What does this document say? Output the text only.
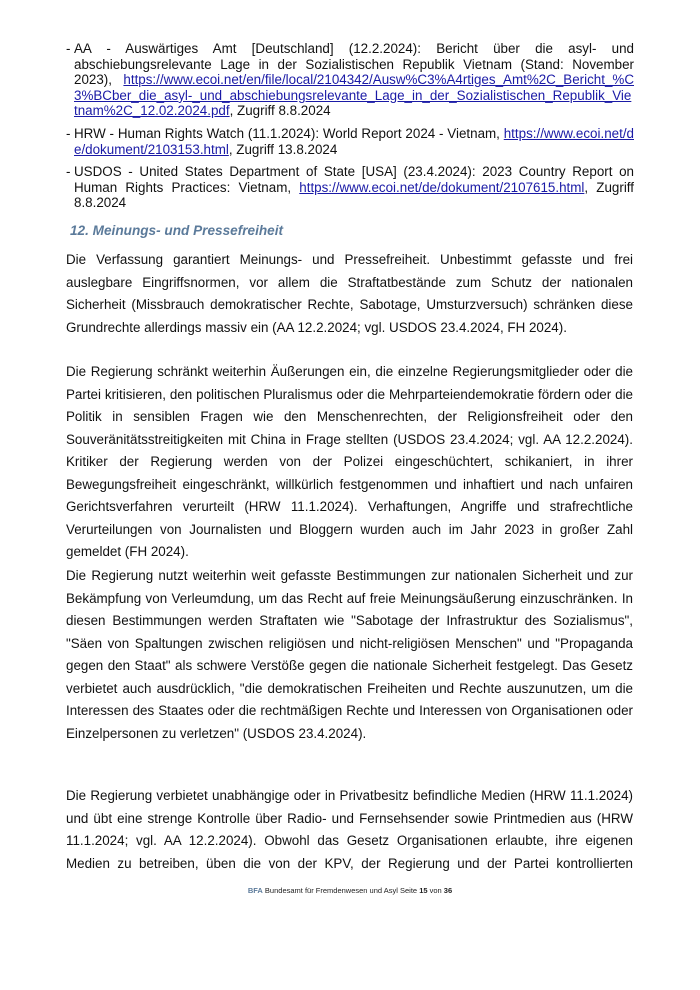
- AA - Auswärtiges Amt [Deutschland] (12.2.2024): Bericht über die asyl- und abschiebungsrelevante Lage in der Sozialistischen Republik Vietnam (Stand: November 2023), https://www.ecoi.net/en/file/local/2104342/Ausw%C3%A4rtiges_Amt%2C_Bericht_%C3%BCber_die_asyl-_und_abschiebungsrelevante_Lage_in_der_Sozialistischen_Republik_Vietnam%2C_12.02.2024.pdf, Zugriff 8.8.2024
- HRW - Human Rights Watch (11.1.2024): World Report 2024 - Vietnam, https://www.ecoi.net/de/dokument/2103153.html, Zugriff 13.8.2024
- USDOS - United States Department of State [USA] (23.4.2024): 2023 Country Report on Human Rights Practices: Vietnam, https://www.ecoi.net/de/dokument/2107615.html, Zugriff 8.8.2024
12. Meinungs- und Pressefreiheit

Die Verfassung garantiert Meinungs- und Pressefreiheit. Unbestimmt gefasste und frei auslegbare Eingriffsnormen, vor allem die Straftatbestände zum Schutz der nationalen Sicherheit (Missbrauch demokratischer Rechte, Sabotage, Umsturzversuch) schränken diese Grundrechte allerdings massiv ein (AA 12.2.2024; vgl. USDOS 23.4.2024, FH 2024).

Die Regierung schränkt weiterhin Äußerungen ein, die einzelne Regierungsmitglieder oder die Partei kritisieren, den politischen Pluralismus oder die Mehrparteiendemokratie fördern oder die Politik in sensiblen Fragen wie den Menschenrechten, der Religionsfreiheit oder den Souveränitätsstreitigkeiten mit China in Frage stellten (USDOS 23.4.2024; vgl. AA 12.2.2024). Kritiker der Regierung werden von der Polizei eingeschüchtert, schikaniert, in ihrer Bewegungsfreiheit eingeschränkt, willkürlich festgenommen und inhaftiert und nach unfairen Gerichtsverfahren verurteilt (HRW 11.1.2024). Verhaftungen, Angriffe und strafrechtliche Verurteilungen von Journalisten und Bloggern wurden auch im Jahr 2023 in großer Zahl gemeldet (FH 2024).

Die Regierung nutzt weiterhin weit gefasste Bestimmungen zur nationalen Sicherheit und zur Bekämpfung von Verleumdung, um das Recht auf freie Meinungsäußerung einzuschränken. In diesen Bestimmungen werden Straftaten wie "Sabotage der Infrastruktur des Sozialismus", "Säen von Spaltungen zwischen religiösen und nicht-religiösen Menschen" und "Propaganda gegen den Staat" als schwere Verstöße gegen die nationale Sicherheit festgelegt. Das Gesetz verbietet auch ausdrücklich, "die demokratischen Freiheiten und Rechte auszunutzen, um die Interessen des Staates oder die rechtmäßigen Rechte und Interessen von Organisationen oder Einzelpersonen zu verletzen" (USDOS 23.4.2024).

Die Regierung verbietet unabhängige oder in Privatbesitz befindliche Medien (HRW 11.1.2024) und übt eine strenge Kontrolle über Radio- und Fernsehsender sowie Printmedien aus (HRW 11.1.2024; vgl. AA 12.2.2024). Obwohl das Gesetz Organisationen erlaubte, ihre eigenen Medien zu betreiben, üben die von der KPV, der Regierung und der Partei kontrollierten

BFA Bundesamt für Fremdenwesen und Asyl Seite 15 von 36
